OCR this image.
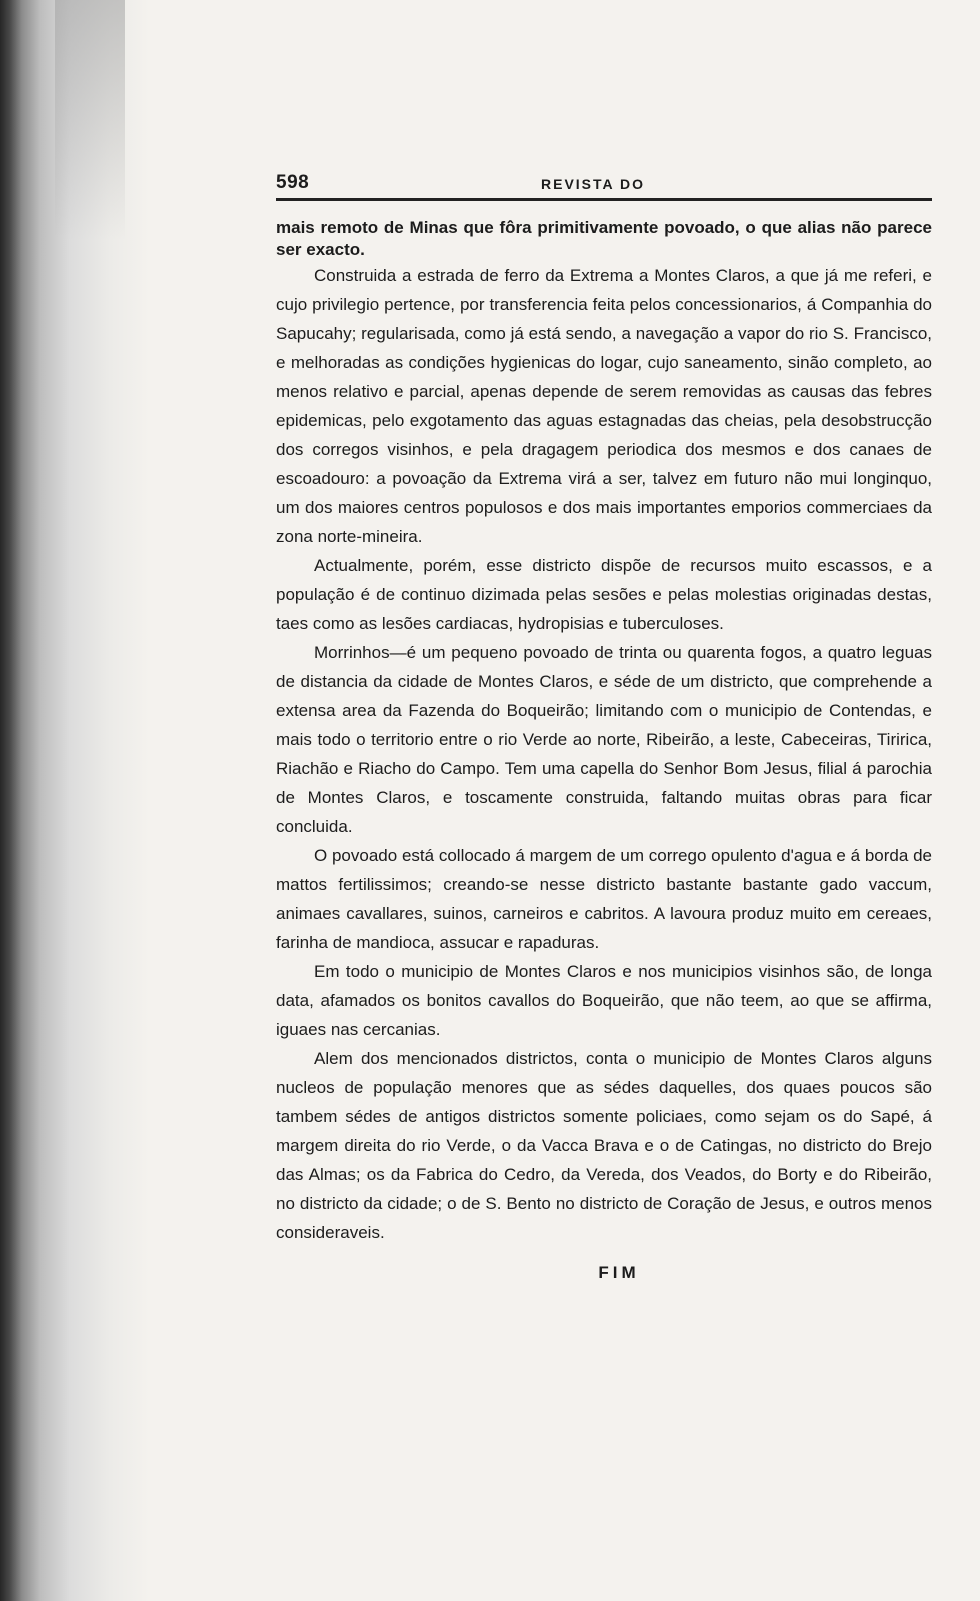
598	REVISTA DO

mais remoto de Minas que fôra primitivamente povoado, o que alias não parece ser exacto.

Construida a estrada de ferro da Extrema a Montes Claros, a que já me referi, e cujo privilegio pertence, por transferencia feita pelos concessionarios, á Companhia do Sapucahy; regularisada, como já está sendo, a navegação a vapor do rio S. Francisco, e melhoradas as condições hygienicas do logar, cujo saneamento, sinão completo, ao menos relativo e parcial, apenas depende de serem removidas as causas das febres epidemicas, pelo exgotamento das aguas estagnadas das cheias, pela desobstrucção dos corregos visinhos, e pela dragagem periodica dos mesmos e dos canaes de escoadouro: a povoação da Extrema virá a ser, talvez em futuro não mui longinquo, um dos maiores centros populosos e dos mais importantes emporios commerciaes da zona norte-mineira.

Actualmente, porém, esse districto dispõe de recursos muito escassos, e a população é de continuo dizimada pelas sesões e pelas molestias originadas destas, taes como as lesões cardiacas, hydropisias e tuberculoses.

Morrinhos—é um pequeno povoado de trinta ou quarenta fogos, a quatro leguas de distancia da cidade de Montes Claros, e séde de um districto, que comprehende a extensa area da Fazenda do Boqueirão; limitando com o municipio de Contendas, e mais todo o territorio entre o rio Verde ao norte, Ribeirão, a leste, Cabeceiras, Tiririca, Riachão e Riacho do Campo. Tem uma capella do Senhor Bom Jesus, filial á parochia de Montes Claros, e toscamente construida, faltando muitas obras para ficar concluida.

O povoado está collocado á margem de um corrego opulento d'agua e á borda de mattos fertilissimos; creando-se nesse districto bastante bastante gado vaccum, animaes cavallares, suinos, carneiros e cabritos. A lavoura produz muito em cereaes, farinha de mandioca, assucar e rapaduras.

Em todo o municipio de Montes Claros e nos municipios visinhos são, de longa data, afamados os bonitos cavallos do Boqueirão, que não teem, ao que se affirma, iguaes nas cercanias.

Alem dos mencionados districtos, conta o municipio de Montes Claros alguns nucleos de população menores que as sédes daquelles, dos quaes poucos são tambem sédes de antigos districtos somente policiaes, como sejam os do Sapé, á margem direita do rio Verde, o da Vacca Brava e o de Catingas, no districto do Brejo das Almas; os da Fabrica do Cedro, da Vereda, dos Veados, do Borty e do Ribeirão, no districto da cidade; o de S. Bento no districto de Coração de Jesus, e outros menos consideraveis.

FIM
